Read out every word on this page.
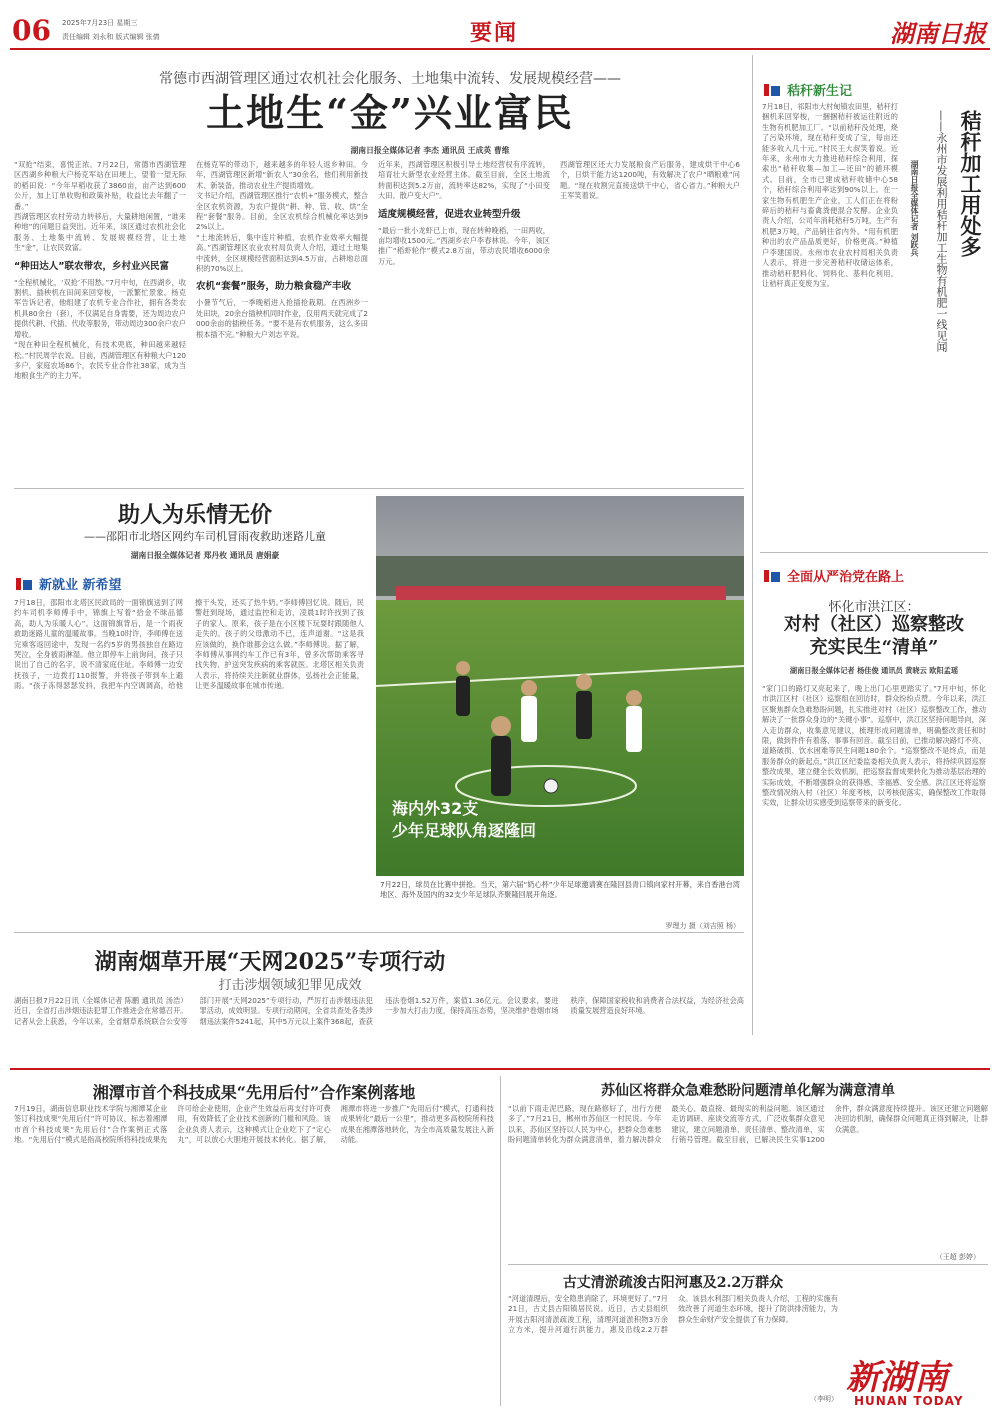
06 2025年7月23日 星期三
责任编辑 刘永和 版式编辑 张倩	要闻	湖南日报
常德市西湖管理区通过农机社会化服务、土地集中流转、发展规模经营——
土地生“金”兴业富民
湖南日报全媒体记者 李杰 通讯员 王成英 曹维
“双抢”结束，喜悦正浓。7月22日，常德市西湖管理区西湖乡种粮大户杨克军站在田埂上，望着一望无际的稻田说：“今年早稻收获了3860亩，亩产达到600公斤，加上订单收购和政策补贴，收益比去年翻了一番。”
西湖管理区农村劳动力转移后，大量耕地闲置，“谁来种地”的问题日益突出。近年来，该区通过农机社会化服务、土地集中流转、发展规模经营，让土地生“金”，让农民致富。
“种田达人”联农带农，乡村业兴民富
“全程机械化，‘双抢’不用愁。”7月中旬，在西湖乡，收割机、插秧机在田间来回穿梭，一派繁忙景象。杨克军告诉记者，他组建了农机专业合作社，拥有各类农机具80余台（套），不仅满足自身需要，还为周边农户提供代耕、代插、代收等服务，带动周边300余户农户增收。
“现在种田全程机械化，有技术兜底，种田越来越轻松。”村民周学农说。目前，西湖管理区有种粮大户120多户，家庭农场86个，农民专业合作社38家，成为当地粮食生产的主力军。
在杨克军的带动下，越来越多的年轻人返乡种田。今年，西湖管理区新增“新农人”30余名，他们利用新技术、新装备，推动农业生产提质增效。
文书记介绍，西湖管理区推行“农机+”服务模式，整合全区农机资源，为农户提供“耕、种、管、收、烘”全程“套餐”服务。目前，全区农机综合机械化率达到92%以上。
“土地流转后，集中连片种植，农机作业效率大幅提高。”西湖管理区农业农村局负责人介绍，通过土地集中流转，全区规模经营面积达到4.5万亩，占耕地总面积的70%以上。
农机“套餐”服务，助力粮食稳产丰收
小暑节气后，一季晚稻进入抢插抢栽期。在西洲乡一处田块，20余台插秧机同时作业，仅用两天就完成了2000余亩的插秧任务。“要不是有农机服务，这么多田根本插不完。”种粮大户刘志平说。
近年来，西湖管理区积极引导土地经营权有序流转，培育壮大新型农业经营主体。截至目前，全区土地流转面积达到5.2万亩，流转率达82%，实现了“小田变大田、散户变大户”。
适度规模经营，促进农业转型升级
“最后一批小龙虾已上市，现在转种晚稻，一田两收，亩均增收1500元。”西湖乡农户李春林说。今年，该区推广“稻虾轮作”模式2.8万亩，带动农民增收6000余万元。
西湖管理区还大力发展粮食产后服务，建成烘干中心6个，日烘干能力达1200吨，有效解决了农户“晒粮难”问题。“现在收割完直接送烘干中心，省心省力。”种粮大户王军笑着说。
助人为乐情无价
——邵阳市北塔区网约车司机冒雨夜救助迷路儿童
湖南日报全媒体记者 郑丹枚 通讯员 唐娟豪
新就业 新希望
7月18日，邵阳市北塔区民政局的一面锦旗送到了网约车司机李师傅手中，锦旗上写着“拾金不昧品德高，助人为乐暖人心”。这面锦旗背后，是一个雨夜救助迷路儿童的温暖故事。当晚10时许，李师傅在送完乘客返回途中，发现一名约5岁的男孩独自在路边哭泣，全身被雨淋湿。他立即停车上前询问，孩子只说出了自己的名字，说不清家庭住址。李师傅一边安抚孩子，一边拨打110报警，并将孩子带到车上避雨。“孩子冻得瑟瑟发抖，我把车内空调调高，给他擦干头发，还买了热牛奶。”李师傅回忆说。随后，民警赶到现场，通过监控和走访，凌晨1时许找到了孩子的家人。原来，孩子是在小区楼下玩耍时跟随他人走失的。孩子的父母激动不已，连声道谢。“这是我应该做的，换作谁都会这么做。”李师傅说。据了解，李师傅从事网约车工作已有3年，曾多次帮助乘客寻找失物、护送突发疾病的乘客就医。北塔区相关负责人表示，将持续关注新就业群体，弘扬社会正能量，让更多温暖故事在城市传递。
海内外32支
少年足球队角逐隆回
7月22日，球员在比赛中拼抢。当天，第六届“奶心杯”少年足球邀请赛在隆回县青口镇向家村开幕，来自香港台湾地区、海外及国内的32支少年足球队齐聚隆回展开角逐。
罗理力 摄（刘吉照 杨）
湖南烟草开展“天网2025”专项行动
打击涉烟领域犯罪见成效
湖南日报7月22日讯（全媒体记者 陈鹏 通讯员 汤浩）近日，全省打击涉烟违法犯罪工作推进会在常德召开。记者从会上获悉，今年以来，全省烟草系统联合公安等部门开展“天网2025”专项行动，严厉打击涉烟违法犯罪活动，成效明显。专项行动期间，全省共查处各类涉烟违法案件5241起，其中5万元以上案件368起，查获违法卷烟1.52万件，案值1.36亿元。会议要求，要进一步加大打击力度，保持高压态势，坚决维护卷烟市场秩序，保障国家税收和消费者合法权益，为经济社会高质量发展营造良好环境。
秸秆新生记
秸秆加工用处多
——永州市发展利用秸秆加工生物有机肥一线见闻
湖南日报全媒体记者 刘跃兵
7月18日，祁阳市大村甸镇农田里，秸秆打捆机来回穿梭，一捆捆秸秆被运往附近的生物有机肥加工厂。“以前秸秆没处理，烧了污染环境，现在秸秆变成了宝，每亩还能多收入几十元。”村民王大叔笑着说。近年来，永州市大力推进秸秆综合利用，探索出“秸秆收集—加工—还田”的循环模式。目前，全市已建成秸秆收储中心58个，秸秆综合利用率达到90%以上。在一家生物有机肥生产企业，工人们正在将粉碎后的秸秆与畜禽粪便混合发酵。企业负责人介绍，公司年消耗秸秆5万吨，生产有机肥3万吨，产品销往省内外。“用有机肥种出的农产品品质更好，价格更高。”种植户李建国说。永州市农业农村局相关负责人表示，将进一步完善秸秆收储运体系，推动秸秆肥料化、饲料化、基料化利用，让秸秆真正变废为宝。
全面从严治党在路上
怀化市洪江区：
对村（社区）巡察整改
充实民生“清单”
湖南日报全媒体记者 杨佳俊 通讯员 黄晓云 欧阳孟瑶
“家门口的路灯又亮起来了，晚上出门心里更踏实了。”7月中旬，怀化市洪江区村（社区）巡察组在回访时，群众纷纷点赞。今年以来，洪江区聚焦群众急难愁盼问题，扎实推进对村（社区）巡察整改工作，推动解决了一批群众身边的“关键小事”。巡察中，洪江区坚持问题导向，深入走访群众，收集意见建议，梳理形成问题清单，明确整改责任和时限，做到件件有着落、事事有回音。截至目前，已推动解决路灯不亮、道路破损、饮水困难等民生问题180余个。“巡察整改不是终点，而是服务群众的新起点。”洪江区纪委监委相关负责人表示，将持续巩固巡察整改成果，建立健全长效机制，把巡察监督成果转化为推动基层治理的实际成效，不断增强群众的获得感、幸福感、安全感。洪江区还将巡察整改情况纳入村（社区）年度考核，以考核促落实，确保整改工作取得实效，让群众切实感受到巡察带来的新变化。
湘潭市首个科技成果“先用后付”合作案例落地
7月19日，湖南信息职业技术学院与湘潭某企业签订科技成果“先用后付”许可协议，标志着湘潭市首个科技成果“先用后付”合作案例正式落地。“先用后付”模式是指高校院所将科技成果先许可给企业使用，企业产生效益后再支付许可费用，有效降低了企业技术创新的门槛和风险。该企业负责人表示，这种模式让企业吃下了“定心丸”，可以放心大胆地开展技术转化。据了解，湘潭市将进一步推广“先用后付”模式，打通科技成果转化“最后一公里”，推动更多高校院所科技成果在湘潭落地转化，为全市高质量发展注入新动能。
苏仙区将群众急难愁盼问题清单化解为满意清单
“以前下雨走泥巴路，现在路修好了，出行方便多了。”7月21日，郴州市苏仙区一村民说。今年以来，苏仙区坚持以人民为中心，把群众急难愁盼问题清单转化为群众满意清单，着力解决群众最关心、最直接、最现实的利益问题。该区通过走访调研、座谈交流等方式，广泛收集群众意见建议，建立问题清单、责任清单、整改清单，实行销号管理。截至目前，已解决民生实事1200余件，群众满意度持续提升。该区还建立问题解决回访机制，确保群众问题真正得到解决，让群众满意。
（王超 彭婷）
古丈清淤疏浚古阳河惠及2.2万群众
“河道清理后，安全隐患消除了，环境更好了。”7月21日，古丈县古阳镇居民说。近日，古丈县组织开展古阳河清淤疏浚工程，清理河道淤积物3万余立方米，提升河道行洪能力，惠及沿线2.2万群众。该县水利部门相关负责人介绍，工程的实施有效改善了河道生态环境，提升了防洪排涝能力，为群众生命财产安全提供了有力保障。
（李明）
新湖南
HUNAN TODAY
